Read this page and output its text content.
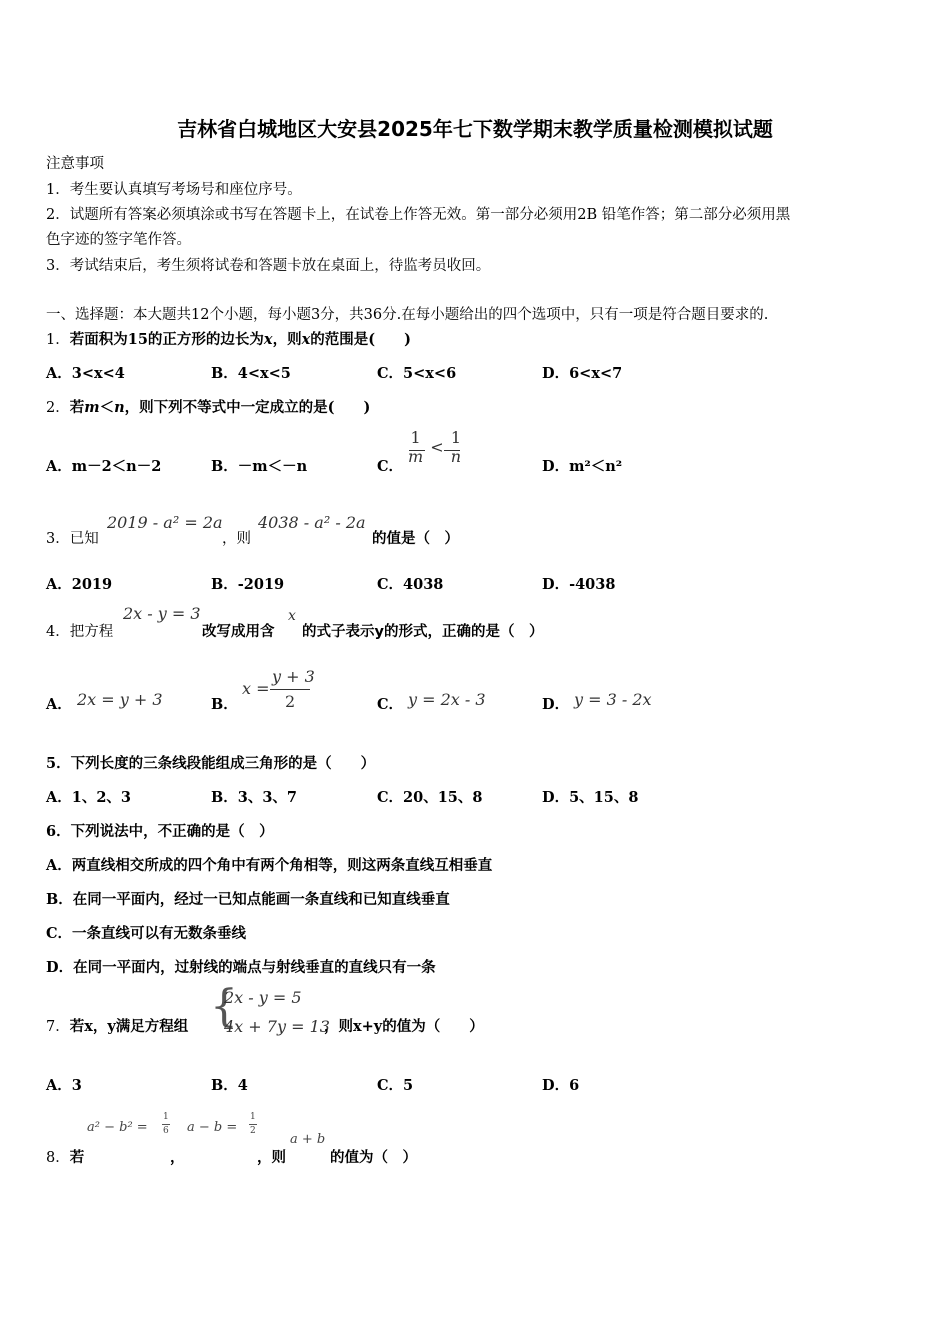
吉林省白城地区大安县2025年七下数学期末教学质量检测模拟试题
注意事项
1．考生要认真填写考场号和座位序号。
2．试题所有答案必须填涂或书写在答题卡上，在试卷上作答无效。第一部分必须用2B 铅笔作答；第二部分必须用黑
色字迹的签字笔作答。
3．考试结束后，考生须将试卷和答题卡放在桌面上，待监考员收回。
一、选择题：本大题共12个小题，每小题3分，共36分.在每小题给出的四个选项中，只有一项是符合题目要求的.
1．若面积为15的正方形的边长为x，则x的范围是(　　)
A．3<x<4	B．4<x<5	C．5<x<6	D．6<x<7
2．若m＜n，则下列不等式中一定成立的是(　　)
A．m－2＜n－2	B．－m＜－n	C．
1
m < 1
n
D．m²＜n²
3．已知
2019 - a² = 2a
，则
4038 - a² - 2a
的值是（　）
A．2019	B．-2019	C．4038	D．-4038
4．把方程
2x - y = 3
改写成用含
x
的式子表示y的形式，正确的是（　）
A． 2x = y + 3	B．
x =
y + 3
2	C． y = 2x - 3	D． y = 3 - 2x
5．下列长度的三条线段能组成三角形的是（　　）
A．1、2、3	B．3、3、7	C．20、15、8	D．5、15、8
6．下列说法中，不正确的是（　）
A．两直线相交所成的四个角中有两个角相等，则这两条直线互相垂直
B．在同一平面内，经过一已知点能画一条直线和已知直线垂直
C．一条直线可以有无数条垂线
D．在同一平面内，过射线的端点与射线垂直的直线只有一条
7．若x，y满足方程组 {
2x - y = 5
4x + 7y = 13
，则x+y的值为（　　）
A．3	B．4	C．5	D．6
a² − b² =
1
6 a − b =
1
2
8．若	，	，则
a + b
的值为（　）
